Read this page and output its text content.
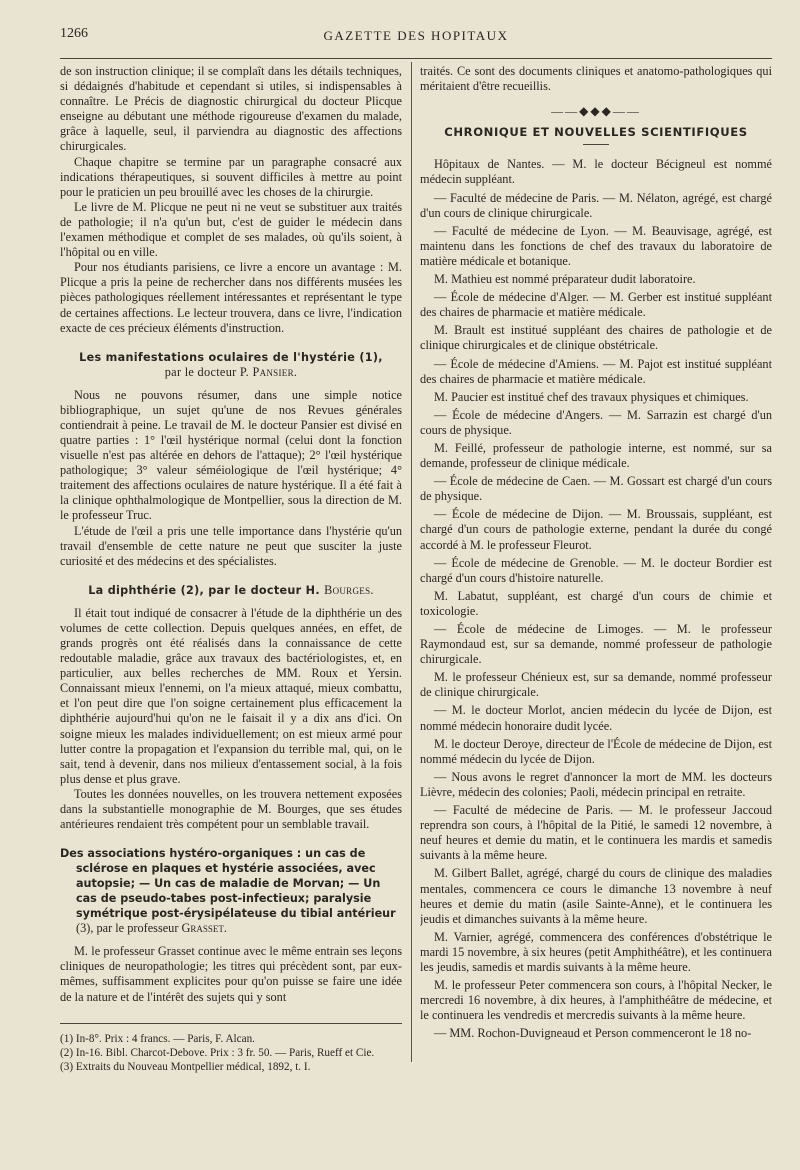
1266	GAZETTE DES HOPITAUX

de son instruction clinique; il se complaît dans les détails techniques, si dédaignés d'habitude et cependant si utiles, si indispensables à connaître. Le Précis de diagnostic chirurgical du docteur Plicque enseigne au débutant une méthode rigoureuse d'examen du malade, grâce à laquelle, seul, il parviendra au diagnostic des affections chirurgicales.

Chaque chapitre se termine par un paragraphe consacré aux indications thérapeutiques, si souvent difficiles à mettre au point pour le praticien un peu brouillé avec les choses de la chirurgie.

Le livre de M. Plicque ne peut ni ne veut se substituer aux traités de pathologie; il n'a qu'un but, c'est de guider le médecin dans l'examen méthodique et complet de ses malades, où qu'ils soient, à l'hôpital ou en ville.

Pour nos étudiants parisiens, ce livre a encore un avantage : M. Plicque a pris la peine de rechercher dans nos différents musées les pièces pathologiques réellement intéressantes et représentant le type de certaines affections. Le lecteur trouvera, dans ce livre, l'indication exacte de ces précieux éléments d'instruction.

Les manifestations oculaires de l'hystérie (1),
par le docteur P. Pansier.

Nous ne pouvons résumer, dans une simple notice bibliographique, un sujet qu'une de nos Revues générales contiendrait à peine. Le travail de M. le docteur Pansier est divisé en quatre parties : 1° l'œil hystérique normal (celui dont la fonction visuelle n'est pas altérée en dehors de l'attaque); 2° l'œil hystérique pathologique; 3° valeur séméiologique de l'œil hystérique; 4° traitement des affections oculaires de nature hystérique. Il a été fait à la clinique ophthalmologique de Montpellier, sous la direction de M. le professeur Truc.

L'étude de l'œil a pris une telle importance dans l'hystérie qu'un travail d'ensemble de cette nature ne peut que susciter la juste curiosité et des médecins et des spécialistes.

La diphthérie (2), par le docteur H. Bourges.

Il était tout indiqué de consacrer à l'étude de la diphthérie un des volumes de cette collection. Depuis quelques années, en effet, de grands progrès ont été réalisés dans la connaissance de cette redoutable maladie, grâce aux travaux des bactériologistes, et, en particulier, aux belles recherches de MM. Roux et Yersin. Connaissant mieux l'ennemi, on l'a mieux attaqué, mieux combattu, et l'on peut dire que l'on soigne certainement plus efficacement la diphthérie aujourd'hui qu'on ne le faisait il y a dix ans d'ici. On soigne mieux les malades individuellement; on est mieux armé pour lutter contre la propagation et l'expansion du terrible mal, qui, on le sait, tend à devenir, dans nos milieux d'entassement social, à la fois plus dense et plus grave.

Toutes les données nouvelles, on les trouvera nettement exposées dans la substantielle monographie de M. Bourges, que ses études antérieures rendaient très compétent pour un semblable travail.

Des associations hystéro-organiques : un cas de sclérose en plaques et hystérie associées, avec autopsie; — Un cas de maladie de Morvan; — Un cas de pseudo-tabes post-infectieux; paralysie symétrique post-érysipélateuse du tibial antérieur (3), par le professeur Grasset.

M. le professeur Grasset continue avec le même entrain ses leçons cliniques de neuropathologie; les titres qui précèdent sont, par eux-mêmes, suffisamment explicites pour qu'on puisse se faire une idée de la nature et de l'intérêt des sujets qui y sont

(1) In-8°. Prix : 4 francs. — Paris, F. Alcan.

(2) In-16. Bibl. Charcot-Debove. Prix : 3 fr. 50. — Paris, Rueff et Cie.

(3) Extraits du Nouveau Montpellier médical, 1892, t. I.

traités. Ce sont des documents cliniques et anatomo-pathologiques qui méritaient d'être recueillis.

——◆◆◆——
CHRONIQUE ET NOUVELLES SCIENTIFIQUES

Hôpitaux de Nantes. — M. le docteur Bécigneul est nommé médecin suppléant.

— Faculté de médecine de Paris. — M. Nélaton, agrégé, est chargé d'un cours de clinique chirurgicale.

— Faculté de médecine de Lyon. — M. Beauvisage, agrégé, est maintenu dans les fonctions de chef des travaux du laboratoire de matière médicale et botanique.

M. Mathieu est nommé préparateur dudit laboratoire.

— École de médecine d'Alger. — M. Gerber est institué suppléant des chaires de pharmacie et matière médicale.

M. Brault est institué suppléant des chaires de pathologie et de clinique chirurgicales et de clinique obstétricale.

— École de médecine d'Amiens. — M. Pajot est institué suppléant des chaires de pharmacie et matière médicale.

M. Paucier est institué chef des travaux physiques et chimiques.

— École de médecine d'Angers. — M. Sarrazin est chargé d'un cours de physique.

M. Feillé, professeur de pathologie interne, est nommé, sur sa demande, professeur de clinique médicale.

— École de médecine de Caen. — M. Gossart est chargé d'un cours de physique.

— École de médecine de Dijon. — M. Broussais, suppléant, est chargé d'un cours de pathologie externe, pendant la durée du congé accordé à M. le professeur Fleurot.

— École de médecine de Grenoble. — M. le docteur Bordier est chargé d'un cours d'histoire naturelle.

M. Labatut, suppléant, est chargé d'un cours de chimie et toxicologie.

— École de médecine de Limoges. — M. le professeur Raymondaud est, sur sa demande, nommé professeur de pathologie chirurgicale.

M. le professeur Chénieux est, sur sa demande, nommé professeur de clinique chirurgicale.

— M. le docteur Morlot, ancien médecin du lycée de Dijon, est nommé médecin honoraire dudit lycée.

M. le docteur Deroye, directeur de l'École de médecine de Dijon, est nommé médecin du lycée de Dijon.

— Nous avons le regret d'annoncer la mort de MM. les docteurs Lièvre, médecin des colonies; Paoli, médecin principal en retraite.

— Faculté de médecine de Paris. — M. le professeur Jaccoud reprendra son cours, à l'hôpital de la Pitié, le samedi 12 novembre, à neuf heures et demie du matin, et le continuera les mardis et samedis suivants à la même heure.

M. Gilbert Ballet, agrégé, chargé du cours de clinique des maladies mentales, commencera ce cours le dimanche 13 novembre à neuf heures et demie du matin (asile Sainte-Anne), et le continuera les jeudis et dimanches suivants à la même heure.

M. Varnier, agrégé, commencera des conférences d'obstétrique le mardi 15 novembre, à six heures (petit Amphithéâtre), et les continuera les jeudis, samedis et mardis suivants à la même heure.

M. le professeur Peter commencera son cours, à l'hôpital Necker, le mercredi 16 novembre, à dix heures, à l'amphithéâtre de médecine, et le continuera les vendredis et mercredis suivants à la même heure.

— MM. Rochon-Duvigneaud et Person commenceront le 18 no-
